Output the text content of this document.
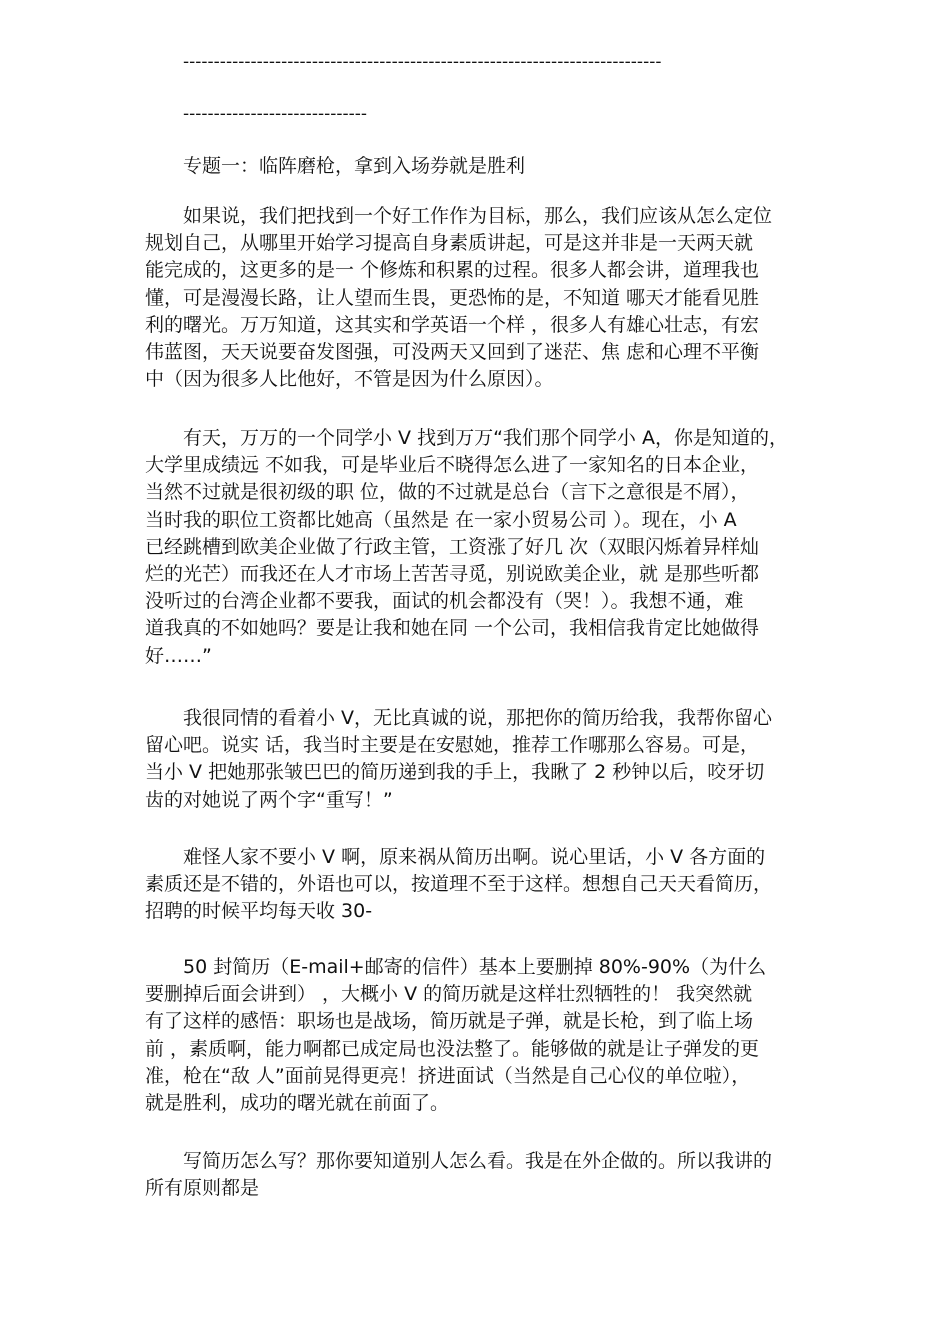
------------------------------------------------------------------------------
------------------------------
专题一：临阵磨枪，拿到入场券就是胜利
如果说，我们把找到一个好工作作为目标，那么，我们应该从怎么定位
规划自己，从哪里开始学习提高自身素质讲起，可是这并非是一天两天就
能完成的，这更多的是一 个修炼和积累的过程。很多人都会讲，道理我也
懂，可是漫漫长路，让人望而生畏，更恐怖的是，不知道 哪天才能看见胜
利的曙光。万万知道，这其实和学英语一个样 ，很多人有雄心壮志，有宏
伟蓝图，天天说要奋发图强，可没两天又回到了迷茫、焦 虑和心理不平衡
中（因为很多人比他好，不管是因为什么原因）。
有天，万万的一个同学小 V 找到万万“我们那个同学小 A，你是知道的，
大学里成绩远 不如我，可是毕业后不晓得怎么进了一家知名的日本企业，
当然不过就是很初级的职 位，做的不过就是总台（言下之意很是不屑），
当时我的职位工资都比她高（虽然是 在一家小贸易公司 ）。现在，小 A
已经跳槽到欧美企业做了行政主管，工资涨了好几 次（双眼闪烁着异样灿
烂的光芒）而我还在人才市场上苦苦寻觅，别说欧美企业，就 是那些听都
没听过的台湾企业都不要我，面试的机会都没有（哭！）。我想不通，难
道我真的不如她吗？要是让我和她在同 一个公司，我相信我肯定比她做得
好……”
我很同情的看着小 V，无比真诚的说，那把你的简历给我，我帮你留心
留心吧。说实 话，我当时主要是在安慰她，推荐工作哪那么容易。可是，
当小 V 把她那张皱巴巴的简历递到我的手上，我瞅了 2 秒钟以后，咬牙切
齿的对她说了两个字“重写！”
难怪人家不要小 V 啊，原来祸从简历出啊。说心里话，小 V 各方面的
素质还是不错的，外语也可以，按道理不至于这样。想想自己天天看简历，
招聘的时候平均每天收 30-
50 封简历（E-mail+邮寄的信件）基本上要删掉 80%-90%（为什么
要删掉后面会讲到） ，大概小 V 的简历就是这样壮烈牺牲的！ 我突然就
有了这样的感悟：职场也是战场，简历就是子弹，就是长枪，到了临上场
前 ，素质啊，能力啊都已成定局也没法整了。能够做的就是让子弹发的更
准，枪在“敌 人”面前晃得更亮！挤进面试（当然是自己心仪的单位啦），
就是胜利，成功的曙光就在前面了。
写简历怎么写？那你要知道别人怎么看。我是在外企做的。所以我讲的
所有原则都是
